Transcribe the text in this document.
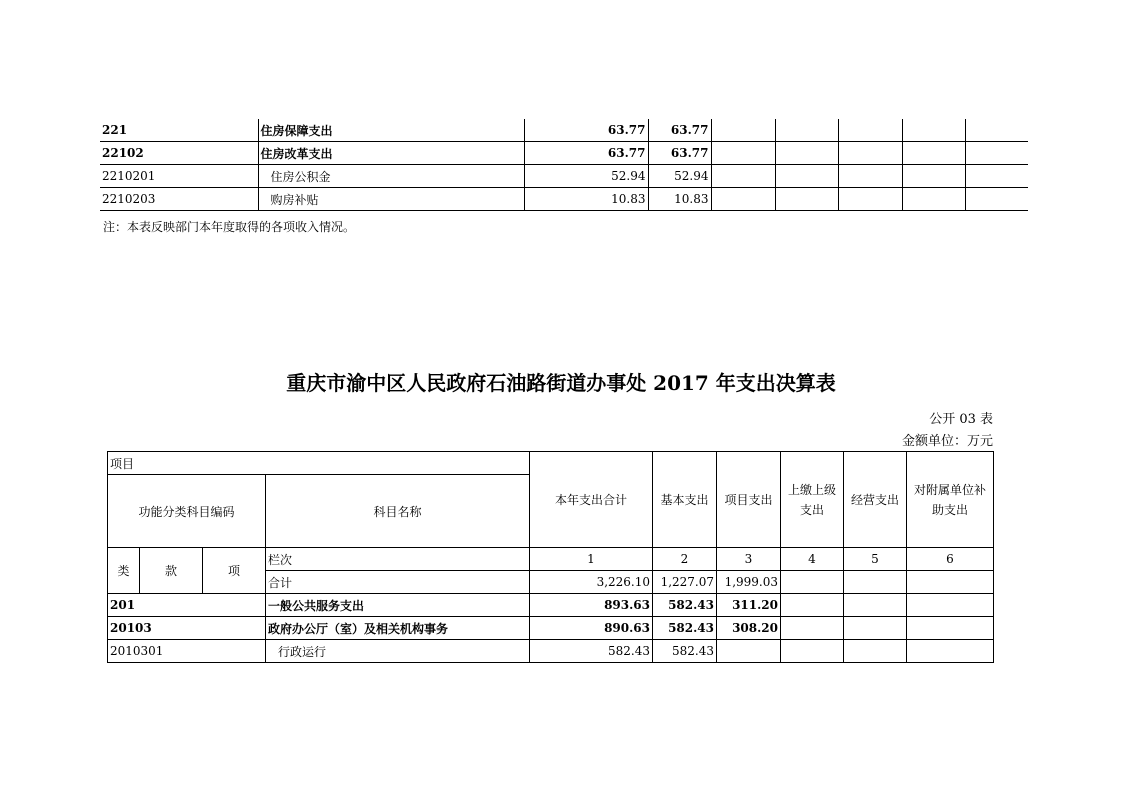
221	住房保障支出	63.77	63.77					
22102	住房改革支出	63.77	63.77					
2210201	住房公积金	52.94	52.94					
2210203	购房补贴	10.83	10.83					
注：本表反映部门本年度取得的各项收入情况。
重庆市渝中区人民政府石油路街道办事处 2017 年支出决算表
公开 03 表
金额单位：万元
项目				本年支出合计	基本支出	项目支出	上缴上级支出	经营支出	对附属单位补助支出
功能分类科目编码			科目名称						
类	款	项	栏次	1	2	3	4	5	6
			合计	3,226.10	1,227.07	1,999.03			
201			一般公共服务支出	893.63	582.43	311.20			
20103			政府办公厅（室）及相关机构事务	890.63	582.43	308.20			
2010301			行政运行	582.43	582.43				
